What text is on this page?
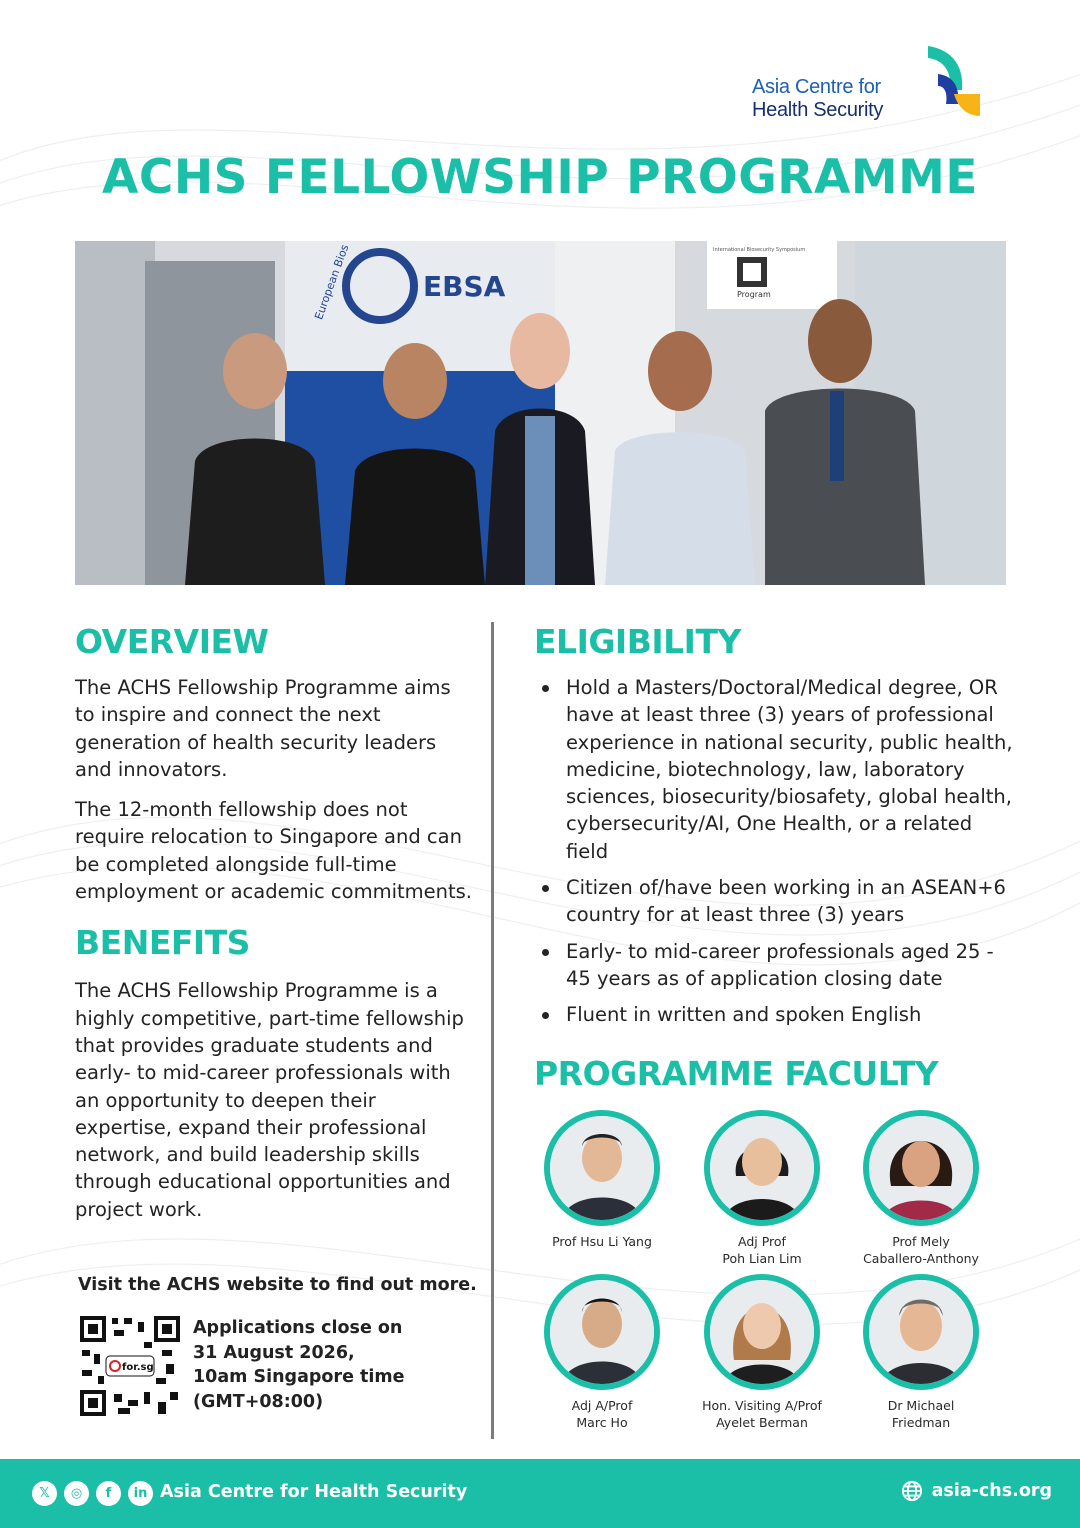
Asia Centre for
Health Security
ACHS FELLOWSHIP PROGRAMME
EBSA
European Bios	International Biosecurity Symposium
Program
OVERVIEW

The ACHS Fellowship Programme aims to inspire and connect the next generation of health security leaders and innovators.

The 12-month fellowship does not require relocation to Singapore and can be completed alongside full-time employment or academic commitments.

BENEFITS

The ACHS Fellowship Programme is a highly competitive, part-time fellowship that provides graduate students and early- to mid-career professionals with an opportunity to deepen their expertise, expand their professional network, and build leadership skills through educational opportunities and project work.

Visit the ACHS website to find out more.
for.sg
Applications close on
31 August 2026,
10am Singapore time
(GMT+08:00)
ELIGIBILITY
Hold a Masters/Doctoral/Medical degree, OR have at least three (3) years of professional experience in national security, public health, medicine, biotechnology, law, laboratory sciences, biosecurity/biosafety, global health, cybersecurity/AI, One Health, or a related field
Citizen of/have been working in an ASEAN+6 country for at least three (3) years
Early- to mid-career professionals aged 25 - 45 years as of application closing date
Fluent in written and spoken English
PROGRAMME FACULTY
Prof Hsu Li Yang	Adj Prof
Poh Lian Lim
Prof Mely
Caballero-Anthony
Adj A/Prof
Marc Ho
Hon. Visiting A/Prof
Ayelet Berman
Dr Michael
Friedman
𝕏	◎	f	in Asia Centre for Health Security	asia-chs.org
